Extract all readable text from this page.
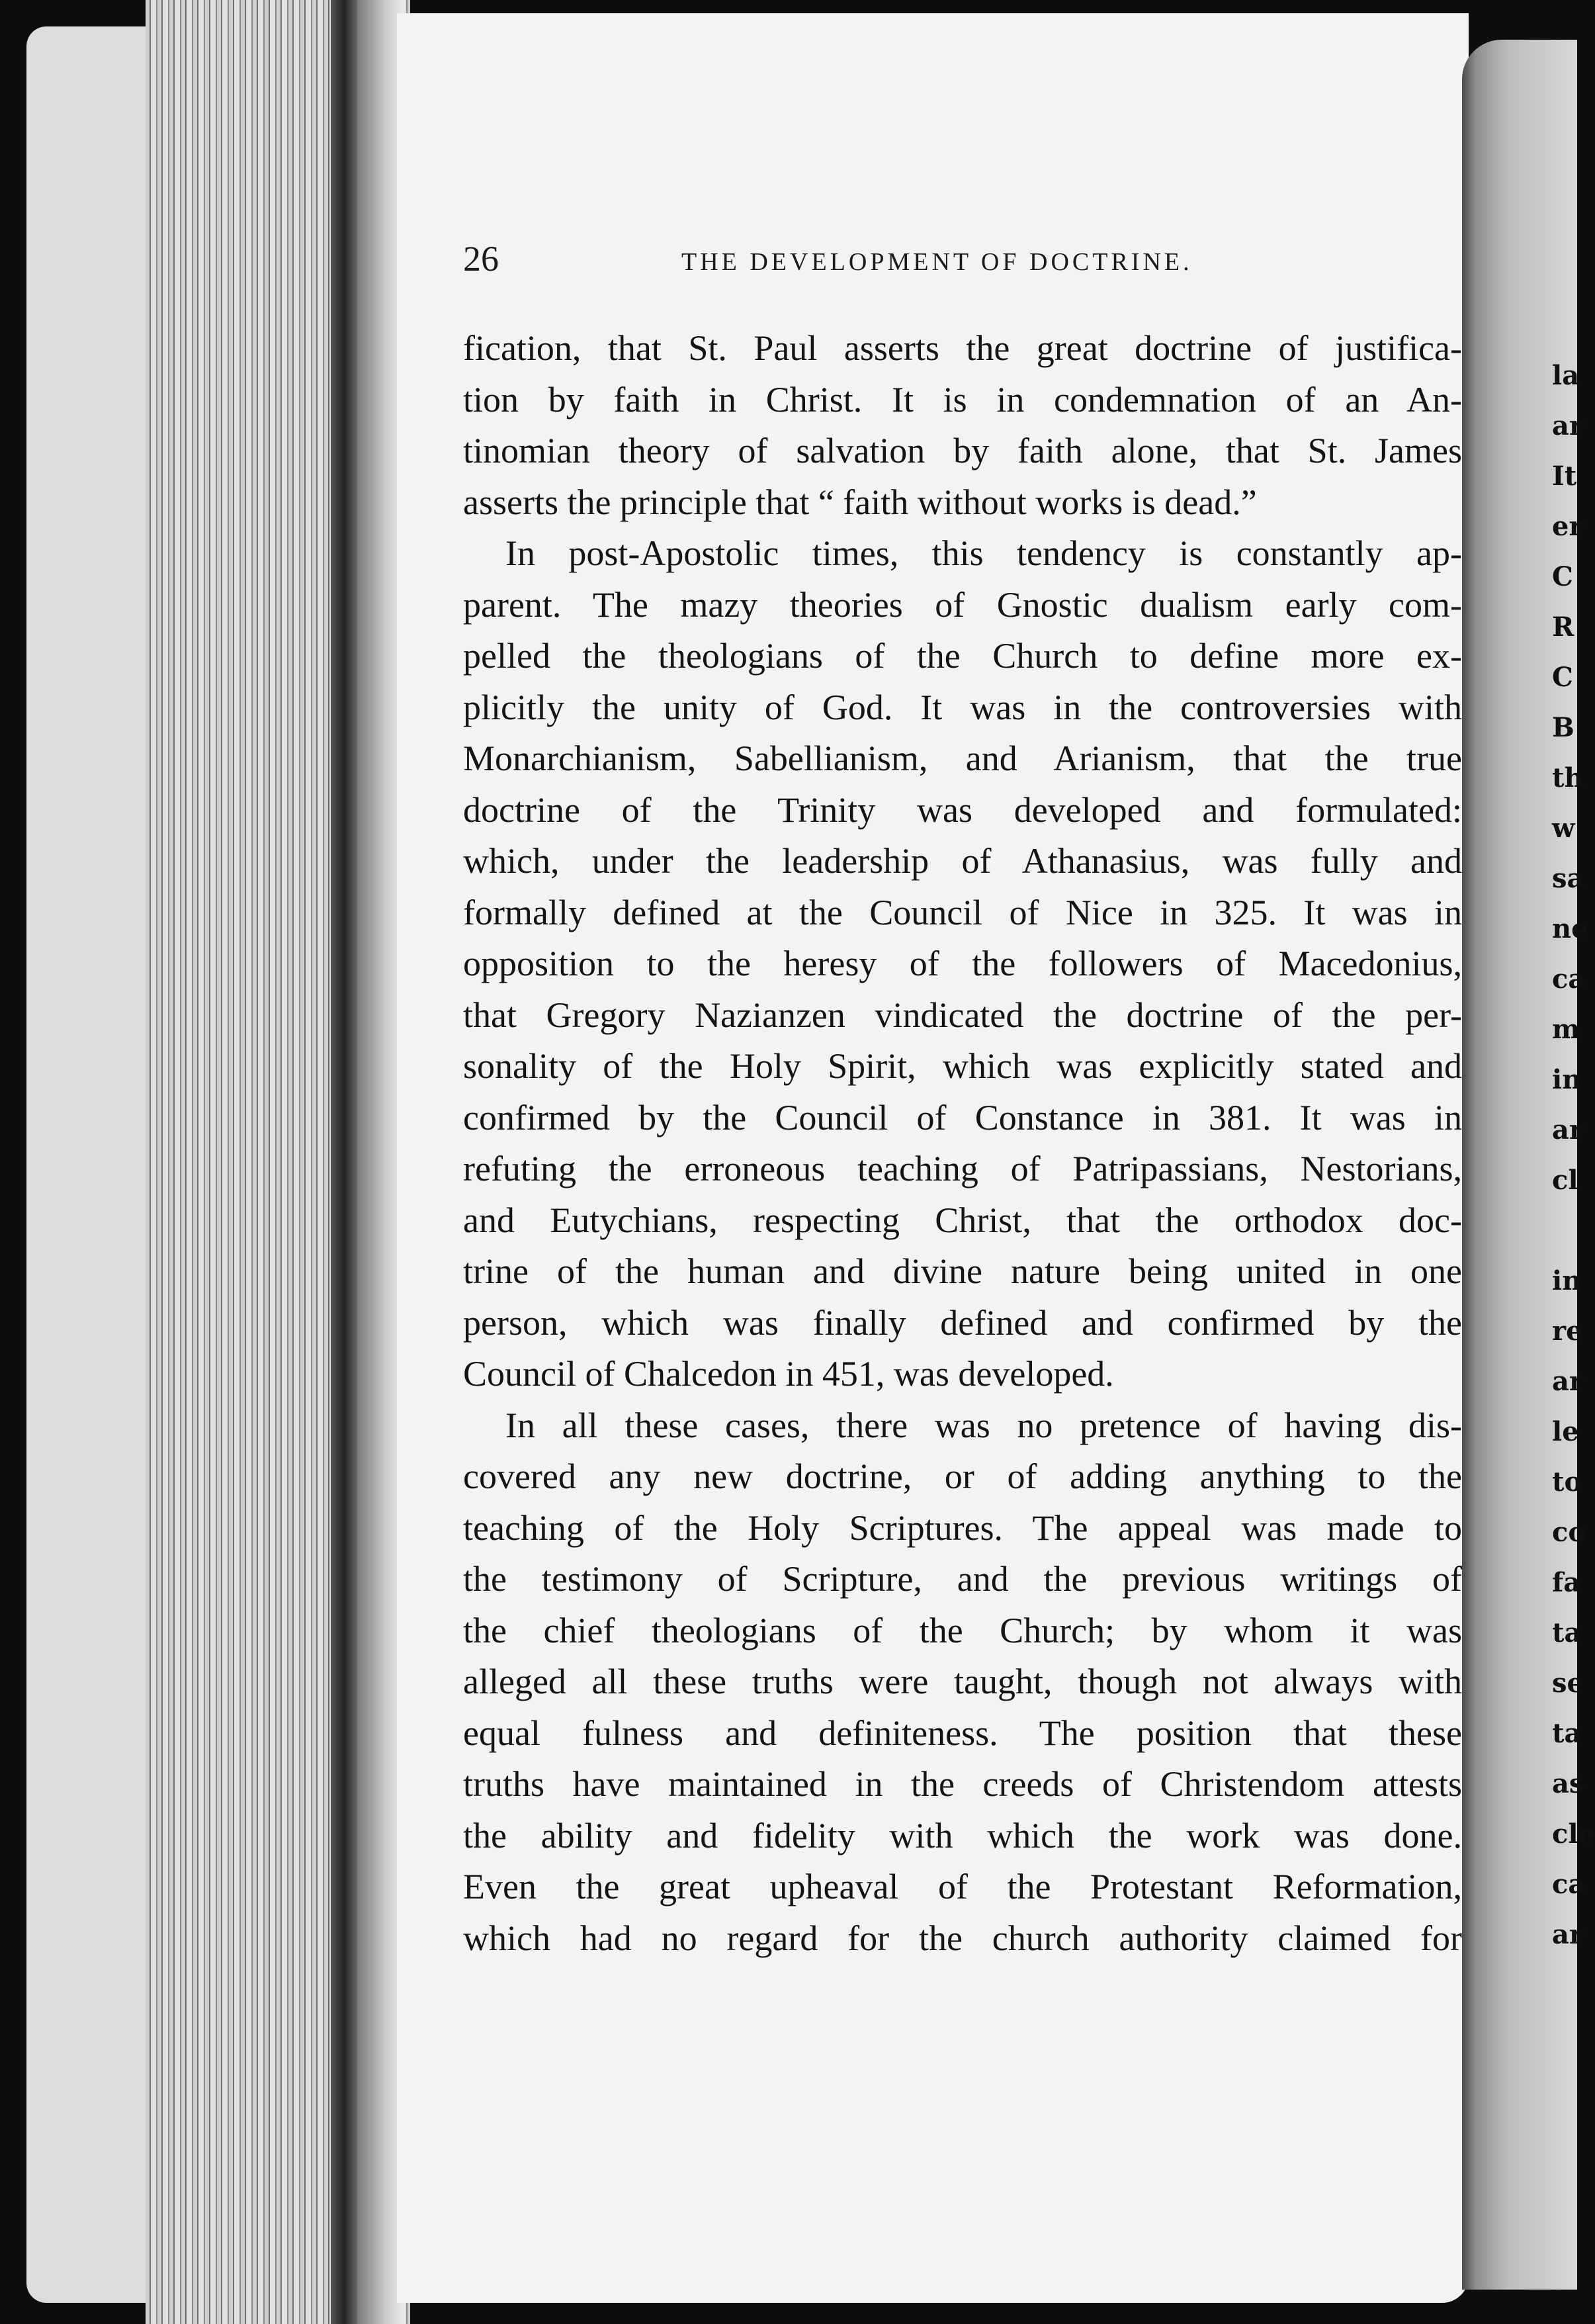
26	THE DEVELOPMENT OF DOCTRINE.
fication, that St. Paul asserts the great doctrine of justifica-
tion by faith in Christ. It is in condemnation of an An-
tinomian theory of salvation by faith alone, that St. James
asserts the principle that “ faith without works is dead.”
In post-Apostolic times, this tendency is constantly ap-
parent. The mazy theories of Gnostic dualism early com-
pelled the theologians of the Church to define more ex-
plicitly the unity of God. It was in the controversies with
Monarchianism, Sabellianism, and Arianism, that the true
doctrine of the Trinity was developed and formulated:
which, under the leadership of Athanasius, was fully and
formally defined at the Council of Nice in 325. It was in
opposition to the heresy of the followers of Macedonius,
that Gregory Nazianzen vindicated the doctrine of the per-
sonality of the Holy Spirit, which was explicitly stated and
confirmed by the Council of Constance in 381. It was in
refuting the erroneous teaching of Patripassians, Nestorians,
and Eutychians, respecting Christ, that the orthodox doc-
trine of the human and divine nature being united in one
person, which was finally defined and confirmed by the
Council of Chalcedon in 451, was developed.
In all these cases, there was no pretence of having dis-
covered any new doctrine, or of adding anything to the
teaching of the Holy Scriptures. The appeal was made to
the testimony of Scripture, and the previous writings of
the chief theologians of the Church; by whom it was
alleged all these truths were taught, though not always with
equal fulness and definiteness. The position that these
truths have maintained in the creeds of Christendom attests
the ability and fidelity with which the work was done.
Even the great upheaval of the Protestant Reformation,
which had no regard for the church authority claimed for
la
ar
It
er
C
R
C
B
th
w
sa
ne
ca
m
in
ar
cl
in
re
ar
le
to
co
fa
ta
se
ta
as
cle
ca
ar
